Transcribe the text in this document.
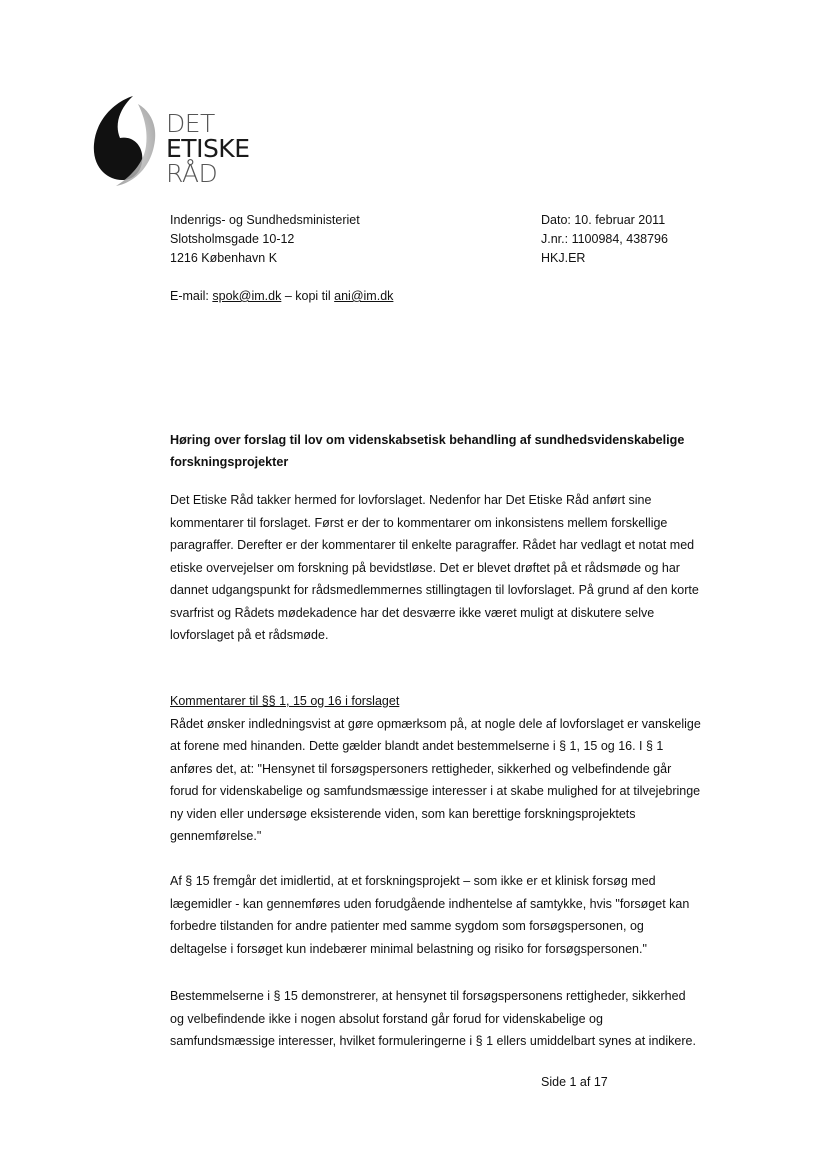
DET
ETISKE
RÅD
Indenrigs- og Sundhedsministeriet
Slotsholmsgade 10-12
1216 København K
Dato: 10. februar 2011
J.nr.: 1100984, 438796
HKJ.ER
E-mail: spok@im.dk – kopi til ani@im.dk
Høring over forslag til lov om videnskabsetisk behandling af sundhedsvidenskabelige
forskningsprojekter
Det Etiske Råd takker hermed for lovforslaget. Nedenfor har Det Etiske Råd anført sine
kommentarer til forslaget. Først er der to kommentarer om inkonsistens mellem forskellige
paragraffer. Derefter er der kommentarer til enkelte paragraffer. Rådet har vedlagt et notat med
etiske overvejelser om forskning på bevidstløse. Det er blevet drøftet på et rådsmøde og har
dannet udgangspunkt for rådsmedlemmernes stillingtagen til lovforslaget. På grund af den korte
svarfrist og Rådets mødekadence har det desværre ikke været muligt at diskutere selve
lovforslaget på et rådsmøde.
Kommentarer til §§ 1, 15 og 16 i forslaget
Rådet ønsker indledningsvist at gøre opmærksom på, at nogle dele af lovforslaget er vanskelige
at forene med hinanden. Dette gælder blandt andet bestemmelserne i § 1, 15 og 16. I § 1
anføres det, at: "Hensynet til forsøgspersoners rettigheder, sikkerhed og velbefindende går
forud for videnskabelige og samfundsmæssige interesser i at skabe mulighed for at tilvejebringe
ny viden eller undersøge eksisterende viden, som kan berettige forskningsprojektets
gennemførelse."
Af § 15 fremgår det imidlertid, at et forskningsprojekt – som ikke er et klinisk forsøg med
lægemidler - kan gennemføres uden forudgående indhentelse af samtykke, hvis "forsøget kan
forbedre tilstanden for andre patienter med samme sygdom som forsøgspersonen, og
deltagelse i forsøget kun indebærer minimal belastning og risiko for forsøgspersonen."
Bestemmelserne i § 15 demonstrerer, at hensynet til forsøgspersonens rettigheder, sikkerhed
og velbefindende ikke i nogen absolut forstand går forud for videnskabelige og
samfundsmæssige interesser, hvilket formuleringerne i § 1 ellers umiddelbart synes at indikere.
Side 1 af 17
